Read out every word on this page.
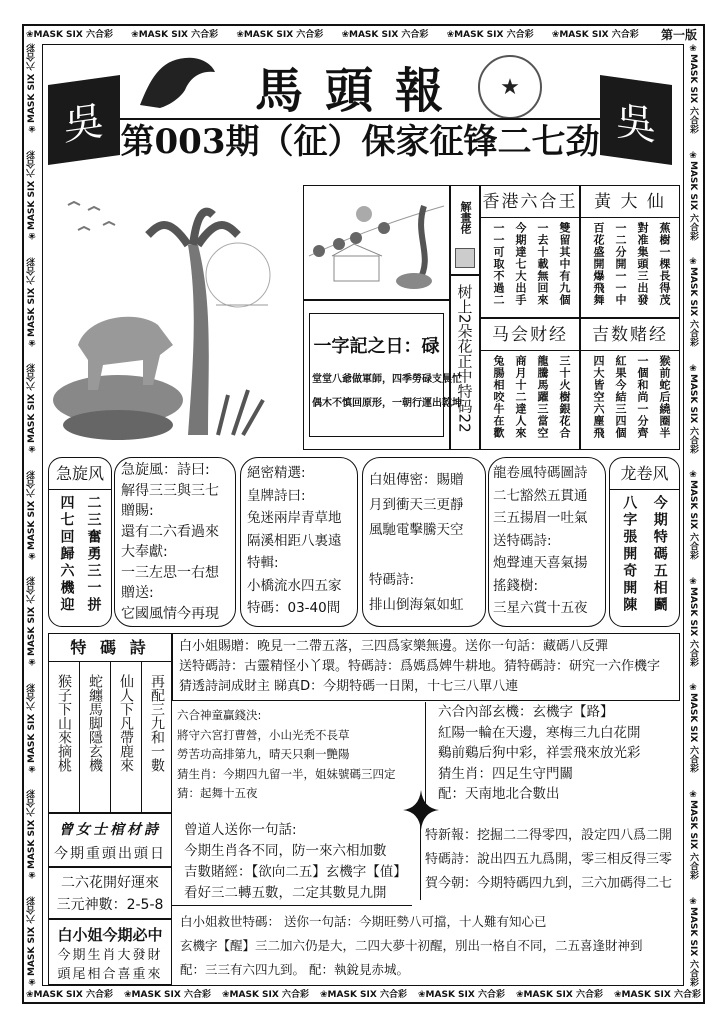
❀MASK SIX 六合彩 ❀MASK SIX 六合彩 ❀MASK SIX 六合彩 ❀MASK SIX 六合彩 ❀MASK SIX 六合彩 ❀MASK SIX 六合彩	第一版
❀MASK SIX 六合彩 ❀MASK SIX 六合彩 ❀MASK SIX 六合彩 ❀MASK SIX 六合彩 ❀MASK SIX 六合彩 ❀MASK SIX 六合彩 ❀MASK SIX 六合彩
❀MASK SIX 六合彩
❀MASK SIX 六合彩
❀MASK SIX 六合彩
❀MASK SIX 六合彩
❀MASK SIX 六合彩
❀MASK SIX 六合彩
❀MASK SIX 六合彩
❀MASK SIX 六合彩
❀MASK SIX 六合彩	❀MASK SIX 六合彩
❀MASK SIX 六合彩
❀MASK SIX 六合彩
❀MASK SIX 六合彩
❀MASK SIX 六合彩
❀MASK SIX 六合彩
❀MASK SIX 六合彩
❀MASK SIX 六合彩
❀MASK SIX 六合彩
吳	吳
馬頭報	★
第003期（征）保家征锋二七劲
一字記之日：碌
堂堂八爺做軍師，四季勞碌支晨忙
偶木不慎回原形，一朝行運出乾坤
解畫佬
树上2朵花正中特码22
香港六合王
雙留其中有九個
一去十載無回來
今期達七大出手
一一可取不過二
黃 大 仙
蕉樹一棵長得茂
對准集頭三出發
一二分開一一中
百花盛開爆飛舞
马会财经
三十火樹銀花合
龍騰馬躍三當空
商月十二達人來
兔腸相咬牛在歡
吉数赌经
猴前蛇后繞圈半
一個和尚一分齊
紅果今結三四個
四大皆空六塵飛
急旋风
二三奮勇三一拼
四七回歸六機迎
急旋風：詩曰:
解得三三與三七
贈賜:
還有二六看過來
大奉獻:
一三左思一右想
贈送:
它國風情今再現
絕密精選:
皇牌詩曰:
兔迷兩岸青草地
隔溪相距八裏遠
特輯:
小橋流水四五家
特碼：03-40間
白姐傳密：賜贈
月到衝天三更靜
風馳電擊騰天空
特碼詩:
排山倒海氣如虹
龍卷風特碼圖詩
二七豁然五貫通
三五揚眉一吐氣
送特碼詩:
炮聲連天喜氣揚
搖錢樹:
三星六賞十五夜
龙卷风
今期特碼五相鬬
八字張開奇開陳
特 碼 詩
猴子下山來摘桃	蛇纏馬脚隱玄機	仙人下凡帶鹿來	再配三九和一數
白小姐賜贈：晚見一二帶五落，三四爲家樂無邊。送你一句話：藏碼八反彈
送特碼詩：古靈精怪小丫環。特碼詩：爲媽爲婢牛耕地。猜特碼詩：研究一六作機字
猜透詩詞成財主 睇真D：今期特碼一日閑，十七三八單八連
六合神童贏錢決:
將守六宮打曹營，小山光禿不長草
勞苦功高排第九，晴天只剩一艷陽
猜生肖：今期四九留一半，姐妹號碼三四定
猜：起舞十五夜
六合內部玄機：玄機字【路】
紅陽一輪在天邊，寒梅三九白花開
鷄前鷄后狗中彩，祥雲飛來放光彩
猜生肖：四足生守門關
配：天南地北合數出
曾女士棺材詩
今期重頭出頭日
二六花開好運來
三元神數：2-5-8
白小姐今期必中
今期生肖大發財
頭尾相合喜重來
曾道人送你一句話:
今期生肖各不同，防一來六相加數
吉數賭經：【欲向二五】玄機字【值】
看好三二轉五數，二定其數見九開
特新報：挖掘二二得零四，設定四八爲二開
特碼詩：說出四五九爲開，零三相反得三零
賀今朝：今期特碼四九到，三六加碼得二七
白小姐救世特碼： 送你一句話：今期旺勢八可擋，十人難有知心已
玄機字【醒】三二加六仍是大，二四大夢十初醒，別出一格自不同，二五喜逢財神到
配：三三有六四九到。 配：執銳見赤城。
